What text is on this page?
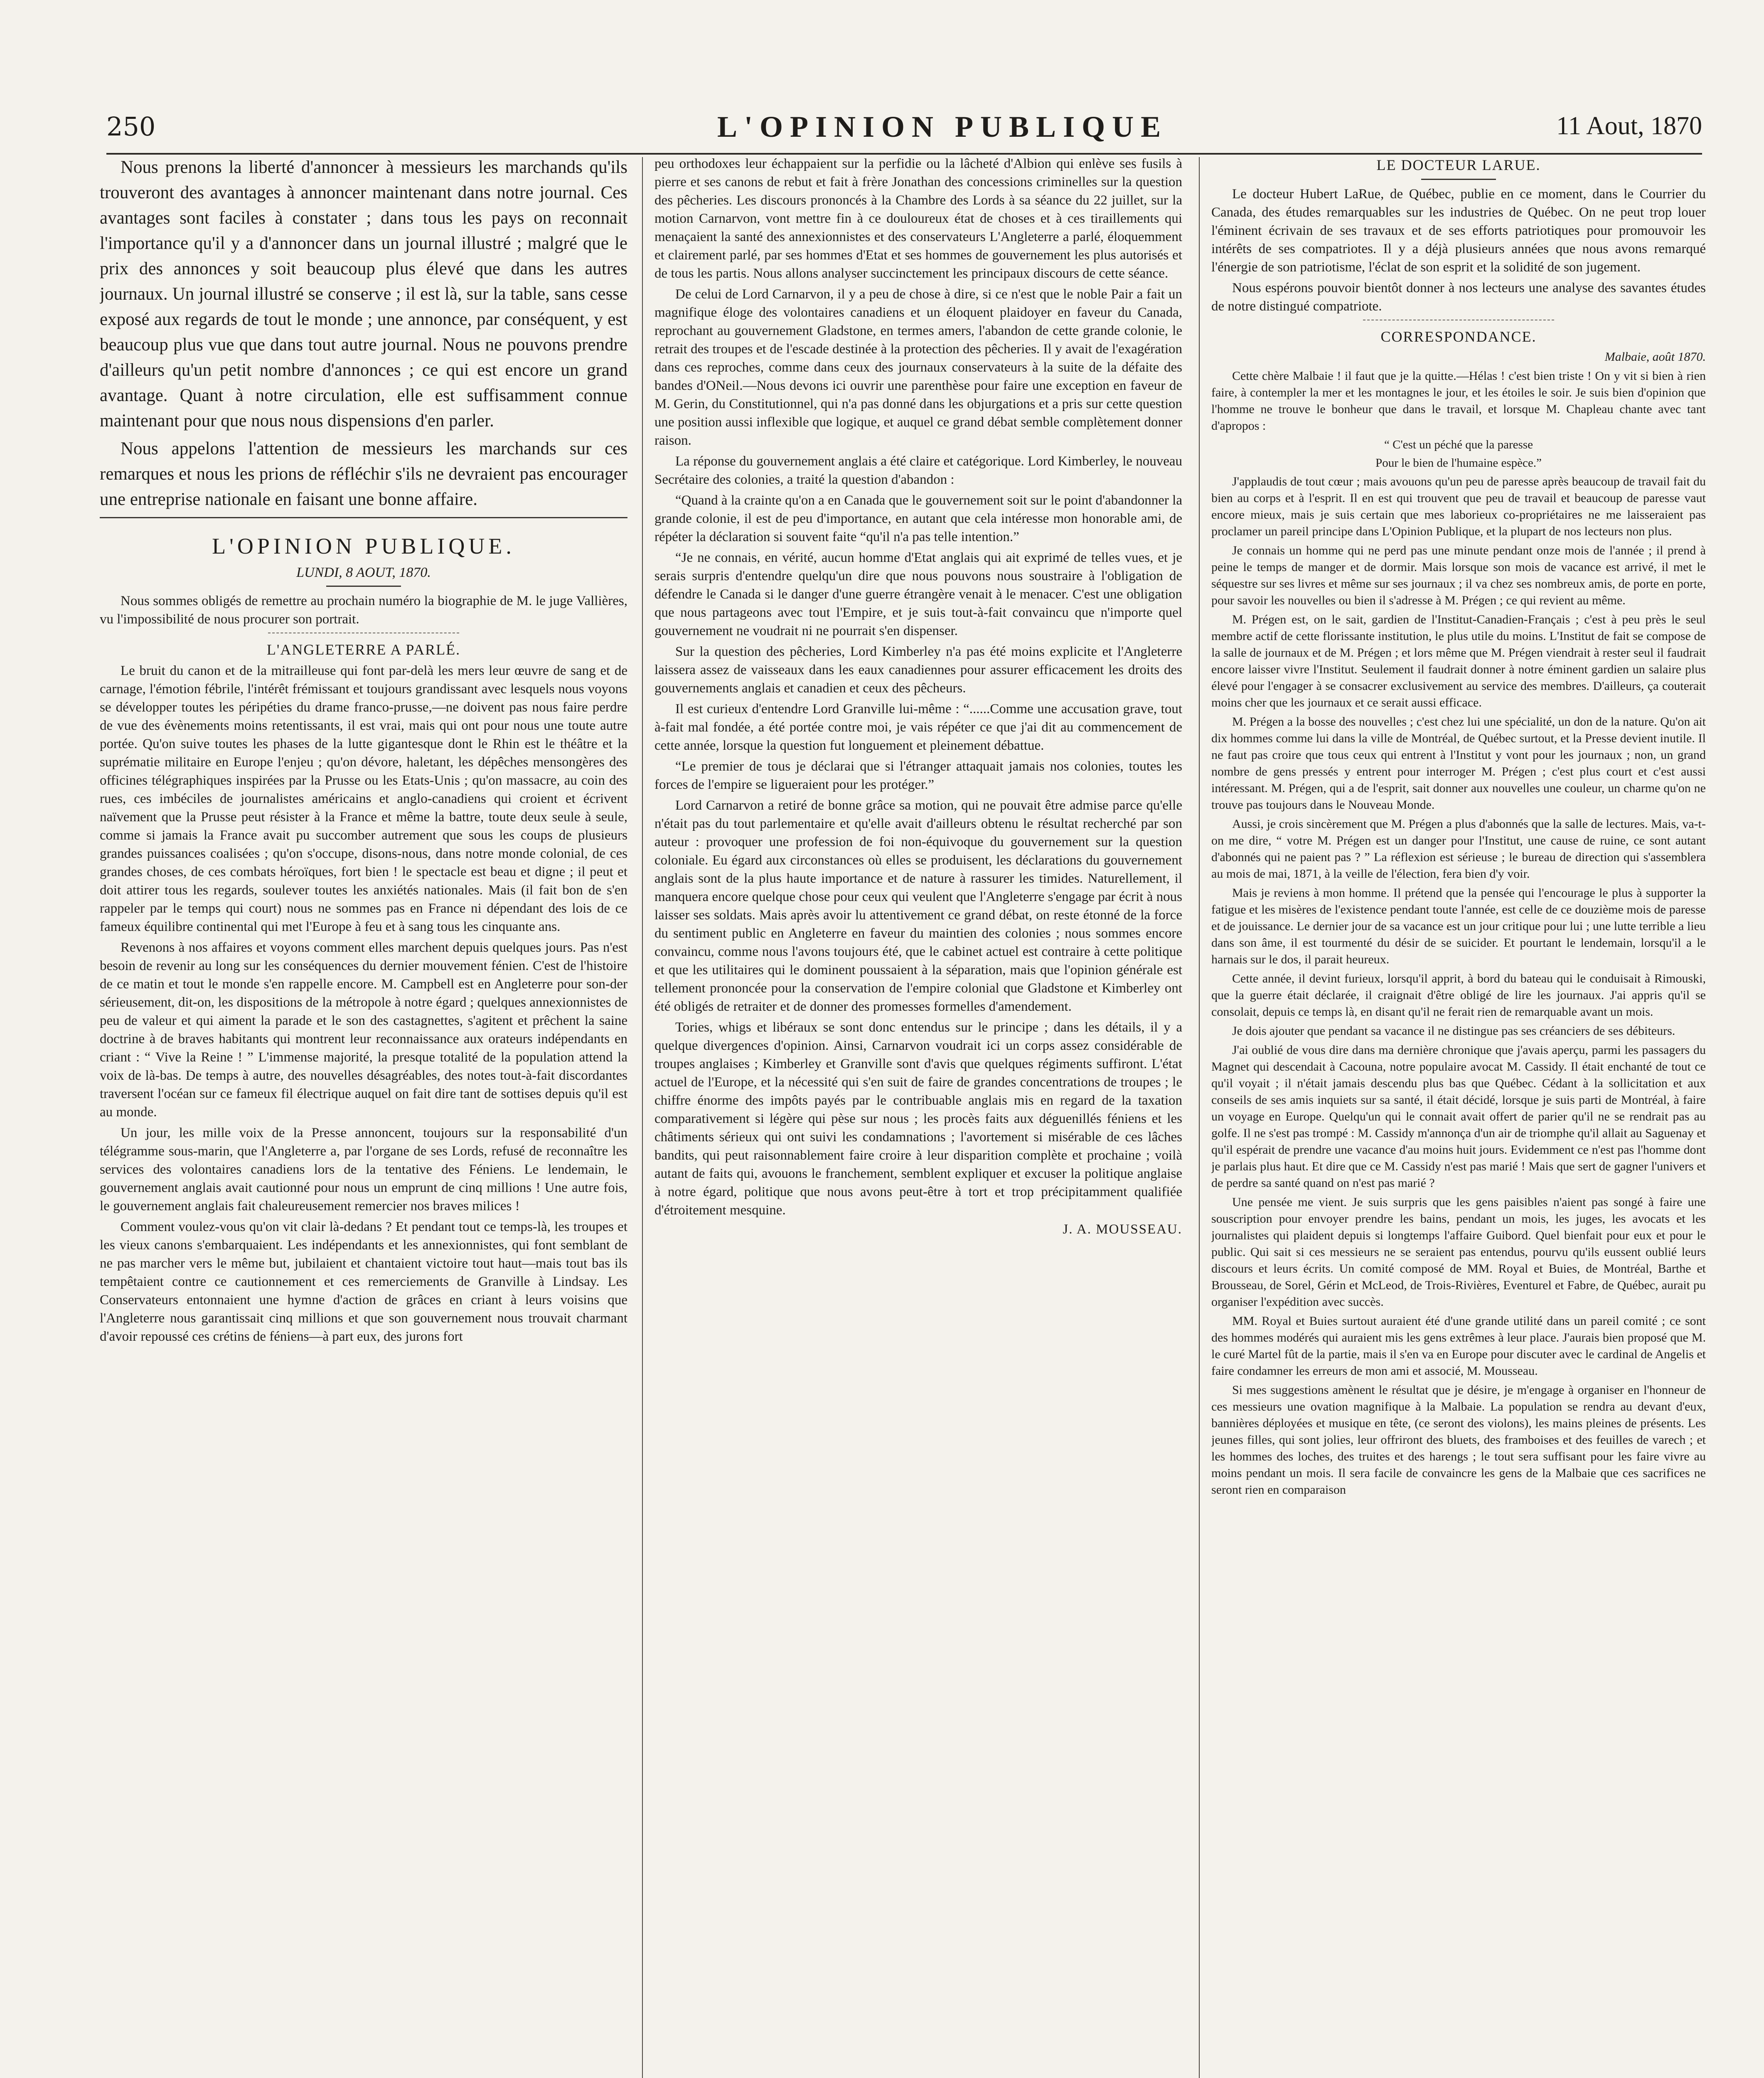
250	L'OPINION PUBLIQUE	11 Aout, 1870

Nous prenons la liberté d'annoncer à messieurs les marchands qu'ils trouveront des avantages à annoncer maintenant dans notre journal. Ces avantages sont faciles à constater ; dans tous les pays on reconnait l'importance qu'il y a d'annoncer dans un journal illustré ; malgré que le prix des annonces y soit beaucoup plus élevé que dans les autres journaux. Un journal illustré se conserve ; il est là, sur la table, sans cesse exposé aux regards de tout le monde ; une annonce, par conséquent, y est beaucoup plus vue que dans tout autre journal. Nous ne pouvons prendre d'ailleurs qu'un petit nombre d'annonces ; ce qui est encore un grand avantage. Quant à notre circulation, elle est suffisamment connue maintenant pour que nous nous dispensions d'en parler.

Nous appelons l'attention de messieurs les marchands sur ces remarques et nous les prions de réfléchir s'ils ne devraient pas encourager une entreprise nationale en faisant une bonne affaire.

L'OPINION PUBLIQUE.
LUNDI, 8 AOUT, 1870.

Nous sommes obligés de remettre au prochain numéro la biographie de M. le juge Vallières, vu l'impossibilité de nous procurer son portrait.

L'ANGLETERRE A PARLÉ.

Le bruit du canon et de la mitrailleuse qui font par-delà les mers leur œuvre de sang et de carnage, l'émotion fébrile, l'intérêt frémissant et toujours grandissant avec lesquels nous voyons se développer toutes les péripéties du drame franco-prusse,—ne doivent pas nous faire perdre de vue des évènements moins retentissants, il est vrai, mais qui ont pour nous une toute autre portée. Qu'on suive toutes les phases de la lutte gigantesque dont le Rhin est le théâtre et la suprématie militaire en Europe l'enjeu ; qu'on dévore, haletant, les dépêches mensongères des officines télégraphiques inspirées par la Prusse ou les Etats-Unis ; qu'on massacre, au coin des rues, ces imbéciles de journalistes américains et anglo-canadiens qui croient et écrivent naïvement que la Prusse peut résister à la France et même la battre, toute deux seule à seule, comme si jamais la France avait pu succomber autrement que sous les coups de plusieurs grandes puissances coalisées ; qu'on s'occupe, disons-nous, dans notre monde colonial, de ces grandes choses, de ces combats héroïques, fort bien ! le spectacle est beau et digne ; il peut et doit attirer tous les regards, soulever toutes les anxiétés nationales. Mais (il fait bon de s'en rappeler par le temps qui court) nous ne sommes pas en France ni dépendant des lois de ce fameux équilibre continental qui met l'Europe à feu et à sang tous les cinquante ans.

Revenons à nos affaires et voyons comment elles marchent depuis quelques jours. Pas n'est besoin de revenir au long sur les conséquences du dernier mouvement fénien. C'est de l'histoire de ce matin et tout le monde s'en rappelle encore. M. Campbell est en Angleterre pour son-der sérieusement, dit-on, les dispositions de la métropole à notre égard ; quelques annexionnistes de peu de valeur et qui aiment la parade et le son des castagnettes, s'agitent et prêchent la saine doctrine à de braves habitants qui montrent leur reconnaissance aux orateurs indépendants en criant : “ Vive la Reine ! ” L'immense majorité, la presque totalité de la population attend la voix de là-bas. De temps à autre, des nouvelles désagréables, des notes tout-à-fait discordantes traversent l'océan sur ce fameux fil électrique auquel on fait dire tant de sottises depuis qu'il est au monde.

Un jour, les mille voix de la Presse annoncent, toujours sur la responsabilité d'un télégramme sous-marin, que l'Angleterre a, par l'organe de ses Lords, refusé de reconnaître les services des volontaires canadiens lors de la tentative des Féniens. Le lendemain, le gouvernement anglais avait cautionné pour nous un emprunt de cinq millions ! Une autre fois, le gouvernement anglais fait chaleureusement remercier nos braves milices !

Comment voulez-vous qu'on vit clair là-dedans ? Et pendant tout ce temps-là, les troupes et les vieux canons s'embarquaient. Les indépendants et les annexionnistes, qui font semblant de ne pas marcher vers le même but, jubilaient et chantaient victoire tout haut—mais tout bas ils tempêtaient contre ce cautionnement et ces remerciements de Granville à Lindsay. Les Conservateurs entonnaient une hymne d'action de grâces en criant à leurs voisins que l'Angleterre nous garantissait cinq millions et que son gouvernement nous trouvait charmant d'avoir repoussé ces crétins de féniens—à part eux, des jurons fort

peu orthodoxes leur échappaient sur la perfidie ou la lâcheté d'Albion qui enlève ses fusils à pierre et ses canons de rebut et fait à frère Jonathan des concessions criminelles sur la question des pêcheries. Les discours prononcés à la Chambre des Lords à sa séance du 22 juillet, sur la motion Carnarvon, vont mettre fin à ce douloureux état de choses et à ces tiraillements qui menaçaient la santé des annexionnistes et des conservateurs L'Angleterre a parlé, éloquemment et clairement parlé, par ses hommes d'Etat et ses hommes de gouvernement les plus autorisés et de tous les partis. Nous allons analyser succinctement les principaux discours de cette séance.

De celui de Lord Carnarvon, il y a peu de chose à dire, si ce n'est que le noble Pair a fait un magnifique éloge des volontaires canadiens et un éloquent plaidoyer en faveur du Canada, reprochant au gouvernement Gladstone, en termes amers, l'abandon de cette grande colonie, le retrait des troupes et de l'escade destinée à la protection des pêcheries. Il y avait de l'exagération dans ces reproches, comme dans ceux des journaux conservateurs à la suite de la défaite des bandes d'ONeil.—Nous devons ici ouvrir une parenthèse pour faire une exception en faveur de M. Gerin, du Constitutionnel, qui n'a pas donné dans les objurgations et a pris sur cette question une position aussi inflexible que logique, et auquel ce grand débat semble complètement donner raison.

La réponse du gouvernement anglais a été claire et catégorique. Lord Kimberley, le nouveau Secrétaire des colonies, a traité la question d'abandon :

“Quand à la crainte qu'on a en Canada que le gouvernement soit sur le point d'abandonner la grande colonie, il est de peu d'importance, en autant que cela intéresse mon honorable ami, de répéter la déclaration si souvent faite “qu'il n'a pas telle intention.”

“Je ne connais, en vérité, aucun homme d'Etat anglais qui ait exprimé de telles vues, et je serais surpris d'entendre quelqu'un dire que nous pouvons nous soustraire à l'obligation de défendre le Canada si le danger d'une guerre étrangère venait à le menacer. C'est une obligation que nous partageons avec tout l'Empire, et je suis tout-à-fait convaincu que n'importe quel gouvernement ne voudrait ni ne pourrait s'en dispenser.

Sur la question des pêcheries, Lord Kimberley n'a pas été moins explicite et l'Angleterre laissera assez de vaisseaux dans les eaux canadiennes pour assurer efficacement les droits des gouvernements anglais et canadien et ceux des pêcheurs.

Il est curieux d'entendre Lord Granville lui-même : “......Comme une accusation grave, tout à-fait mal fondée, a été portée contre moi, je vais répéter ce que j'ai dit au commencement de cette année, lorsque la question fut longuement et pleinement débattue.

“Le premier de tous je déclarai que si l'étranger attaquait jamais nos colonies, toutes les forces de l'empire se ligueraient pour les protéger.”

Lord Carnarvon a retiré de bonne grâce sa motion, qui ne pouvait être admise parce qu'elle n'était pas du tout parlementaire et qu'elle avait d'ailleurs obtenu le résultat recherché par son auteur : provoquer une profession de foi non-équivoque du gouvernement sur la question coloniale. Eu égard aux circonstances où elles se produisent, les déclarations du gouvernement anglais sont de la plus haute importance et de nature à rassurer les timides. Naturellement, il manquera encore quelque chose pour ceux qui veulent que l'Angleterre s'engage par écrit à nous laisser ses soldats. Mais après avoir lu attentivement ce grand débat, on reste étonné de la force du sentiment public en Angleterre en faveur du maintien des colonies ; nous sommes encore convaincu, comme nous l'avons toujours été, que le cabinet actuel est contraire à cette politique et que les utilitaires qui le dominent poussaient à la séparation, mais que l'opinion générale est tellement prononcée pour la conservation de l'empire colonial que Gladstone et Kimberley ont été obligés de retraiter et de donner des promesses formelles d'amendement.

Tories, whigs et libéraux se sont donc entendus sur le principe ; dans les détails, il y a quelque divergences d'opinion. Ainsi, Carnarvon voudrait ici un corps assez considérable de troupes anglaises ; Kimberley et Granville sont d'avis que quelques régiments suffiront. L'état actuel de l'Europe, et la nécessité qui s'en suit de faire de grandes concentrations de troupes ; le chiffre énorme des impôts payés par le contribuable anglais mis en regard de la taxation comparativement si légère qui pèse sur nous ; les procès faits aux déguenillés féniens et les châtiments sérieux qui ont suivi les condamnations ; l'avortement si misérable de ces lâches bandits, qui peut raisonnablement faire croire à leur disparition complète et prochaine ; voilà autant de faits qui, avouons le franchement, semblent expliquer et excuser la politique anglaise à notre égard, politique que nous avons peut-être à tort et trop précipitamment qualifiée d'étroitement mesquine.

J. A. MOUSSEAU.
LE DOCTEUR LARUE.

Le docteur Hubert LaRue, de Québec, publie en ce moment, dans le Courrier du Canada, des études remarquables sur les industries de Québec. On ne peut trop louer l'éminent écrivain de ses travaux et de ses efforts patriotiques pour promouvoir les intérêts de ses compatriotes. Il y a déjà plusieurs années que nous avons remarqué l'énergie de son patriotisme, l'éclat de son esprit et la solidité de son jugement.

Nous espérons pouvoir bientôt donner à nos lecteurs une analyse des savantes études de notre distingué compatriote.

CORRESPONDANCE.

Malbaie, août 1870.

Cette chère Malbaie ! il faut que je la quitte.—Hélas ! c'est bien triste ! On y vit si bien à rien faire, à contempler la mer et les montagnes le jour, et les étoiles le soir. Je suis bien d'opinion que l'homme ne trouve le bonheur que dans le travail, et lorsque M. Chapleau chante avec tant d'apropos :

“ C'est un péché que la paresse

Pour le bien de l'humaine espèce.”

J'applaudis de tout cœur ; mais avouons qu'un peu de paresse après beaucoup de travail fait du bien au corps et à l'esprit. Il en est qui trouvent que peu de travail et beaucoup de paresse vaut encore mieux, mais je suis certain que mes laborieux co-propriétaires ne me laisseraient pas proclamer un pareil principe dans L'Opinion Publique, et la plupart de nos lecteurs non plus.

Je connais un homme qui ne perd pas une minute pendant onze mois de l'année ; il prend à peine le temps de manger et de dormir. Mais lorsque son mois de vacance est arrivé, il met le séquestre sur ses livres et même sur ses journaux ; il va chez ses nombreux amis, de porte en porte, pour savoir les nouvelles ou bien il s'adresse à M. Prégen ; ce qui revient au même.

M. Prégen est, on le sait, gardien de l'Institut-Canadien-Français ; c'est à peu près le seul membre actif de cette florissante institution, le plus utile du moins. L'Institut de fait se compose de la salle de journaux et de M. Prégen ; et lors même que M. Prégen viendrait à rester seul il faudrait encore laisser vivre l'Institut. Seulement il faudrait donner à notre éminent gardien un salaire plus élevé pour l'engager à se consacrer exclusivement au service des membres. D'ailleurs, ça couterait moins cher que les journaux et ce serait aussi efficace.

M. Prégen a la bosse des nouvelles ; c'est chez lui une spécialité, un don de la nature. Qu'on ait dix hommes comme lui dans la ville de Montréal, de Québec surtout, et la Presse devient inutile. Il ne faut pas croire que tous ceux qui entrent à l'Institut y vont pour les journaux ; non, un grand nombre de gens pressés y entrent pour interroger M. Prégen ; c'est plus court et c'est aussi intéressant. M. Prégen, qui a de l'esprit, sait donner aux nouvelles une couleur, un charme qu'on ne trouve pas toujours dans le Nouveau Monde.

Aussi, je crois sincèrement que M. Prégen a plus d'abonnés que la salle de lectures. Mais, va-t-on me dire, “ votre M. Prégen est un danger pour l'Institut, une cause de ruine, ce sont autant d'abonnés qui ne paient pas ? ” La réflexion est sérieuse ; le bureau de direction qui s'assemblera au mois de mai, 1871, à la veille de l'élection, fera bien d'y voir.

Mais je reviens à mon homme. Il prétend que la pensée qui l'encourage le plus à supporter la fatigue et les misères de l'existence pendant toute l'année, est celle de ce douzième mois de paresse et de jouissance. Le dernier jour de sa vacance est un jour critique pour lui ; une lutte terrible a lieu dans son âme, il est tourmenté du désir de se suicider. Et pourtant le lendemain, lorsqu'il a le harnais sur le dos, il parait heureux.

Cette année, il devint furieux, lorsqu'il apprit, à bord du bateau qui le conduisait à Rimouski, que la guerre était déclarée, il craignait d'être obligé de lire les journaux. J'ai appris qu'il se consolait, depuis ce temps là, en disant qu'il ne ferait rien de remarquable avant un mois.

Je dois ajouter que pendant sa vacance il ne distingue pas ses créanciers de ses débiteurs.

J'ai oublié de vous dire dans ma dernière chronique que j'avais aperçu, parmi les passagers du Magnet qui descendait à Cacouna, notre populaire avocat M. Cassidy. Il était enchanté de tout ce qu'il voyait ; il n'était jamais descendu plus bas que Québec. Cédant à la sollicitation et aux conseils de ses amis inquiets sur sa santé, il était décidé, lorsque je suis parti de Montréal, à faire un voyage en Europe. Quelqu'un qui le connait avait offert de parier qu'il ne se rendrait pas au golfe. Il ne s'est pas trompé : M. Cassidy m'annonça d'un air de triomphe qu'il allait au Saguenay et qu'il espérait de prendre une vacance d'au moins huit jours. Evidemment ce n'est pas l'homme dont je parlais plus haut. Et dire que ce M. Cassidy n'est pas marié ! Mais que sert de gagner l'univers et de perdre sa santé quand on n'est pas marié ?

Une pensée me vient. Je suis surpris que les gens paisibles n'aient pas songé à faire une souscription pour envoyer prendre les bains, pendant un mois, les juges, les avocats et les journalistes qui plaident depuis si longtemps l'affaire Guibord. Quel bienfait pour eux et pour le public. Qui sait si ces messieurs ne se seraient pas entendus, pourvu qu'ils eussent oublié leurs discours et leurs écrits. Un comité composé de MM. Royal et Buies, de Montréal, Barthe et Brousseau, de Sorel, Gérin et McLeod, de Trois-Rivières, Eventurel et Fabre, de Québec, aurait pu organiser l'expédition avec succès.

MM. Royal et Buies surtout auraient été d'une grande utilité dans un pareil comité ; ce sont des hommes modérés qui auraient mis les gens extrêmes à leur place. J'aurais bien proposé que M. le curé Martel fût de la partie, mais il s'en va en Europe pour discuter avec le cardinal de Angelis et faire condamner les erreurs de mon ami et associé, M. Mousseau.

Si mes suggestions amènent le résultat que je désire, je m'engage à organiser en l'honneur de ces messieurs une ovation magnifique à la Malbaie. La population se rendra au devant d'eux, bannières déployées et musique en tête, (ce seront des violons), les mains pleines de présents. Les jeunes filles, qui sont jolies, leur offriront des bluets, des framboises et des feuilles de varech ; et les hommes des loches, des truites et des harengs ; le tout sera suffisant pour les faire vivre au moins pendant un mois. Il sera facile de convaincre les gens de la Malbaie que ces sacrifices ne seront rien en comparaison
